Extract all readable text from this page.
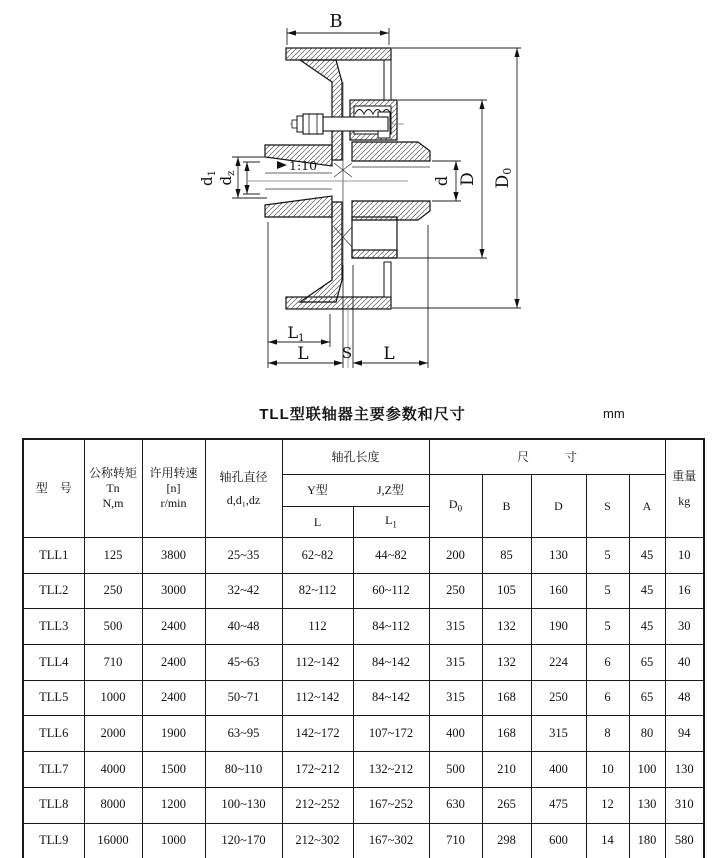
1:10
B
D0
D
d
$d_1$
$d_z$
L1
L S L
TLL型联轴器主要参数和尺寸	mm
型　号	
公称转矩
Tn
N,m

许用转速
[n]
r/min

轴孔直径
d,d₁,dz
	轴孔长度	尺　　　寸	
重量
kg

				Y型 J,Z型		$D_0$	B	D	S	A	
				L	$L_1$
TLL1	125	3800	25~35	62~82	44~82	200	85	130	5	45	10
TLL2	250	3000	32~42	82~112	60~112	250	105	160	5	45	16
TLL3	500	2400	40~48	112	84~112	315	132	190	5	45	30
TLL4	710	2400	45~63	112~142	84~142	315	132	224	6	65	40
TLL5	1000	2400	50~71	112~142	84~142	315	168	250	6	65	48
TLL6	2000	1900	63~95	142~172	107~172	400	168	315	8	80	94
TLL7	4000	1500	80~110	172~212	132~212	500	210	400	10	100	130
TLL8	8000	1200	100~130	212~252	167~252	630	265	475	12	130	310
TLL9	16000	1000	120~170	212~302	167~302	710	298	600	14	180	580
